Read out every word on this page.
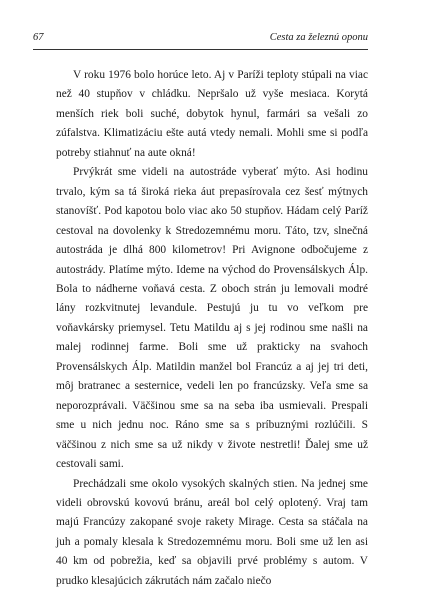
67	Cesta za železnú oponu

V roku 1976 bolo horúce leto. Aj v Paríži teploty stúpali na viac než 40 stupňov v chládku. Nepršalo už vyše mesiaca. Korytá menších riek boli suché, dobytok hynul, farmári sa vešali zo zúfalstva. Klimatizáciu ešte autá vtedy nemali. Mohli sme si podľa potreby stiahnuť na aute okná!

Prvýkrát sme videli na autostráde vyberať mýto. Asi hodinu trvalo, kým sa tá široká rieka áut prepasírovala cez šesť mýtnych stanovíšť. Pod kapotou bolo viac ako 50 stupňov. Hádam celý Paríž cestoval na dovolenky k Stredozemnému moru. Táto, tzv, slnečná autostráda je dlhá 800 kilometrov! Pri Avignone odbočujeme z autostrády. Platíme mýto. Ideme na východ do Provensálskych Álp. Bola to nádherne voňavá cesta. Z oboch strán ju lemovali modré lány rozkvitnutej levandule. Pestujú ju tu vo veľkom pre voňavkársky priemysel. Tetu Matildu aj s jej rodinou sme našli na malej rodinnej farme. Boli sme už prakticky na svahoch Provensálskych Álp. Matildin manžel bol Francúz a aj jej tri deti, môj bratranec a sesternice, vedeli len po francúzsky. Veľa sme sa neporozprávali. Väčšinou sme sa na seba iba usmievali. Prespali sme u nich jednu noc. Ráno sme sa s príbuznými rozlúčili. S väčšinou z nich sme sa už nikdy v živote nestretli! Ďalej sme už cestovali sami.

Prechádzali sme okolo vysokých skalných stien. Na jednej sme videli obrovskú kovovú bránu, areál bol celý oplotený. Vraj tam majú Francúzy zakopané svoje rakety Mirage. Cesta sa stáčala na juh a pomaly klesala k Stredozemnému moru. Boli sme už len asi 40 km od pobrežia, keď sa objavili prvé problémy s autom. V prudko klesajúcich zákrutách nám začalo niečo
